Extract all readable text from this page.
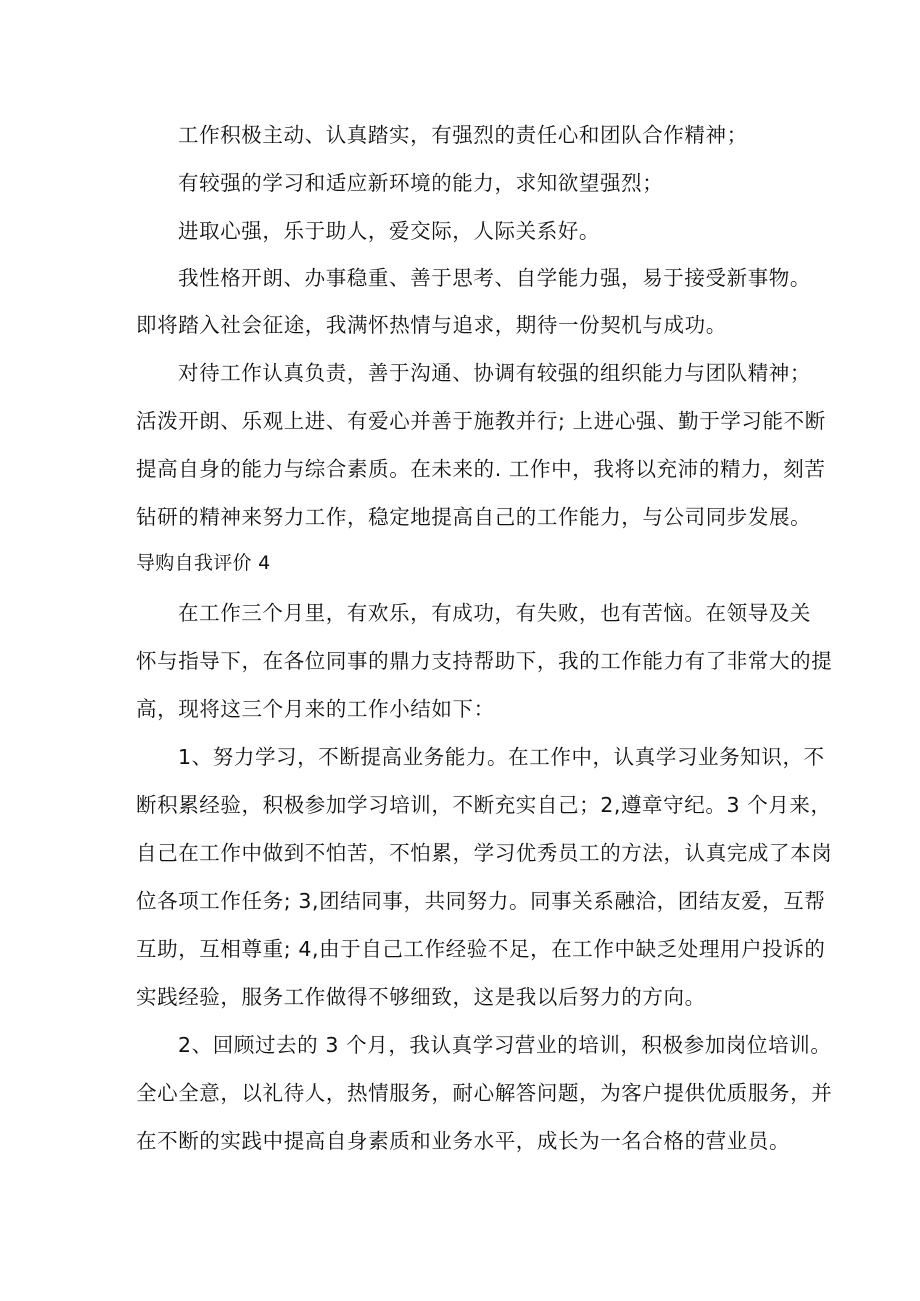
工作积极主动、认真踏实，有强烈的责任心和团队合作精神；
有较强的学习和适应新环境的能力，求知欲望强烈；
进取心强，乐于助人，爱交际，人际关系好。
我性格开朗、办事稳重、善于思考、自学能力强，易于接受新事物。
即将踏入社会征途，我满怀热情与追求，期待一份契机与成功。
对待工作认真负责，善于沟通、协调有较强的组织能力与团队精神；
活泼开朗、乐观上进、有爱心并善于施教并行; 上进心强、勤于学习能不断
提高自身的能力与综合素质。在未来的. 工作中，我将以充沛的精力，刻苦
钻研的精神来努力工作，稳定地提高自己的工作能力，与公司同步发展。
导购自我评价 4
在工作三个月里，有欢乐，有成功，有失败，也有苦恼。在领导及关
怀与指导下，在各位同事的鼎力支持帮助下，我的工作能力有了非常大的提
高，现将这三个月来的工作小结如下：
1、努力学习，不断提高业务能力。在工作中，认真学习业务知识，不
断积累经验，积极参加学习培训，不断充实自己；2,遵章守纪。3 个月来，
自己在工作中做到不怕苦，不怕累，学习优秀员工的方法，认真完成了本岗
位各项工作任务; 3,团结同事，共同努力。同事关系融洽，团结友爱，互帮
互助，互相尊重; 4,由于自己工作经验不足，在工作中缺乏处理用户投诉的
实践经验，服务工作做得不够细致，这是我以后努力的方向。
2、回顾过去的 3 个月，我认真学习营业的培训，积极参加岗位培训。
全心全意，以礼待人，热情服务，耐心解答问题，为客户提供优质服务，并
在不断的实践中提高自身素质和业务水平，成长为一名合格的营业员。
